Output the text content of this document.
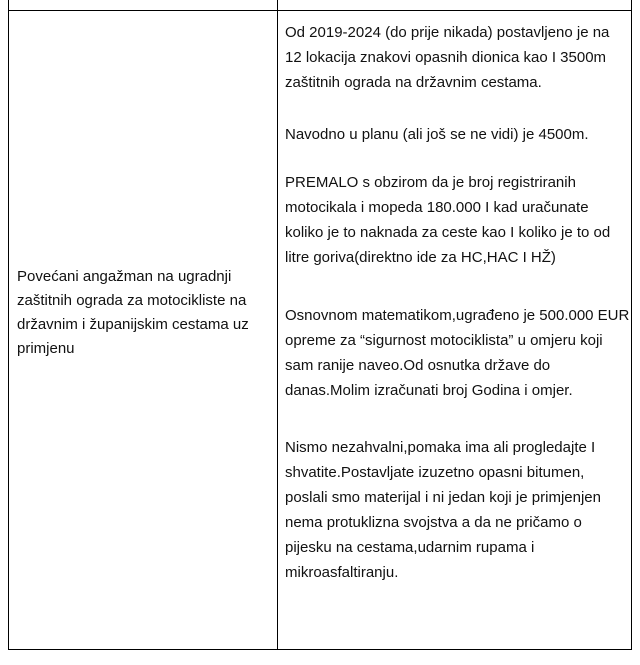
Povećani angažman na ugradnji zaštitnih ograda za motocikliste na državnim i županijskim cestama uz primjenu

Od 2019-2024 (do prije nikada) postavljeno je na 12 lokacija znakovi opasnih dionica kao I 3500m zaštitnih ograda na državnim cestama.

Navodno u planu (ali još se ne vidi) je 4500m.

PREMALO s obzirom da je broj registriranih motocikala i mopeda 180.000 I kad uračunate koliko je to naknada za ceste kao I koliko je to od litre goriva(direktno ide za HC,HAC I HŽ)

Osnovnom matematikom,ugrađeno je 500.000 EUR opreme za “sigurnost motociklista” u omjeru koji sam ranije naveo.Od osnutka države do danas.Molim izračunati broj Godina i omjer.

Nismo nezahvalni,pomaka ima ali progledajte I shvatite.Postavljate izuzetno opasni bitumen, poslali smo materijal i ni jedan koji je primjenjen nema protuklizna svojstva a da ne pričamo o pijesku na cestama,udarnim rupama i mikroasfaltiranju.
